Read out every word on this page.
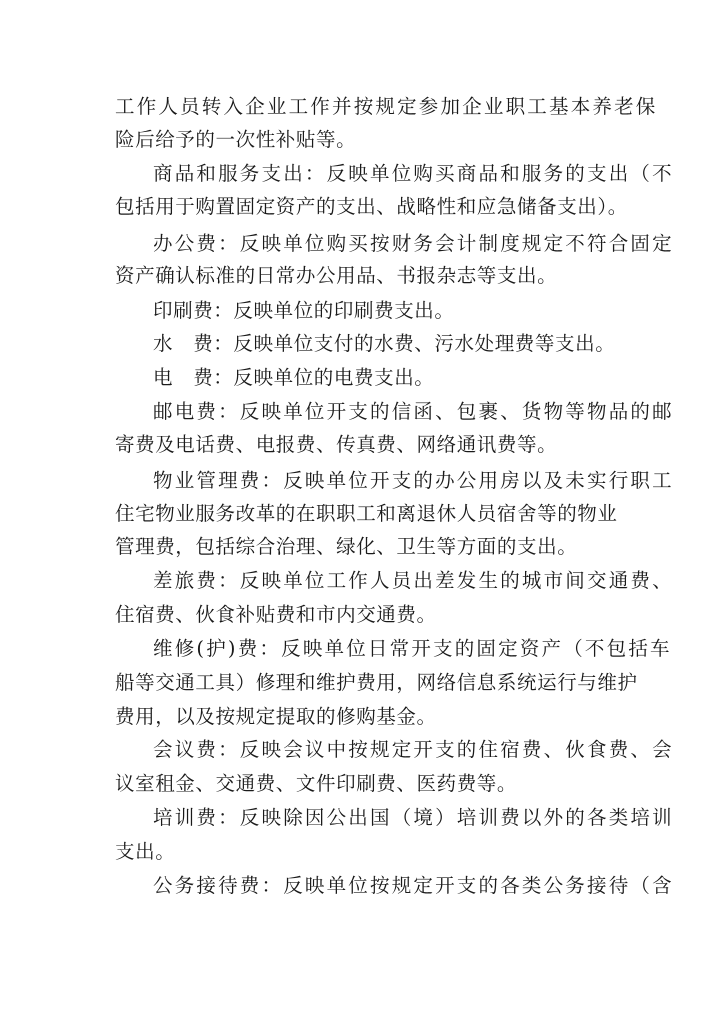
工作人员转入企业工作并按规定参加企业职工基本养老保
险后给予的一次性补贴等。
商品和服务支出：反映单位购买商品和服务的支出（不
包括用于购置固定资产的支出、战略性和应急储备支出）。
办公费：反映单位购买按财务会计制度规定不符合固定
资产确认标准的日常办公用品、书报杂志等支出。
印刷费：反映单位的印刷费支出。
水　费：反映单位支付的水费、污水处理费等支出。
电　费：反映单位的电费支出。
邮电费：反映单位开支的信函、包裹、货物等物品的邮
寄费及电话费、电报费、传真费、网络通讯费等。
物业管理费：反映单位开支的办公用房以及未实行职工
住宅物业服务改革的在职职工和离退休人员宿舍等的物业
管理费，包括综合治理、绿化、卫生等方面的支出。
差旅费：反映单位工作人员出差发生的城市间交通费、
住宿费、伙食补贴费和市内交通费。
维修(护)费：反映单位日常开支的固定资产（不包括车
船等交通工具）修理和维护费用，网络信息系统运行与维护
费用，以及按规定提取的修购基金。
会议费：反映会议中按规定开支的住宿费、伙食费、会
议室租金、交通费、文件印刷费、医药费等。
培训费：反映除因公出国（境）培训费以外的各类培训
支出。
公务接待费：反映单位按规定开支的各类公务接待（含
